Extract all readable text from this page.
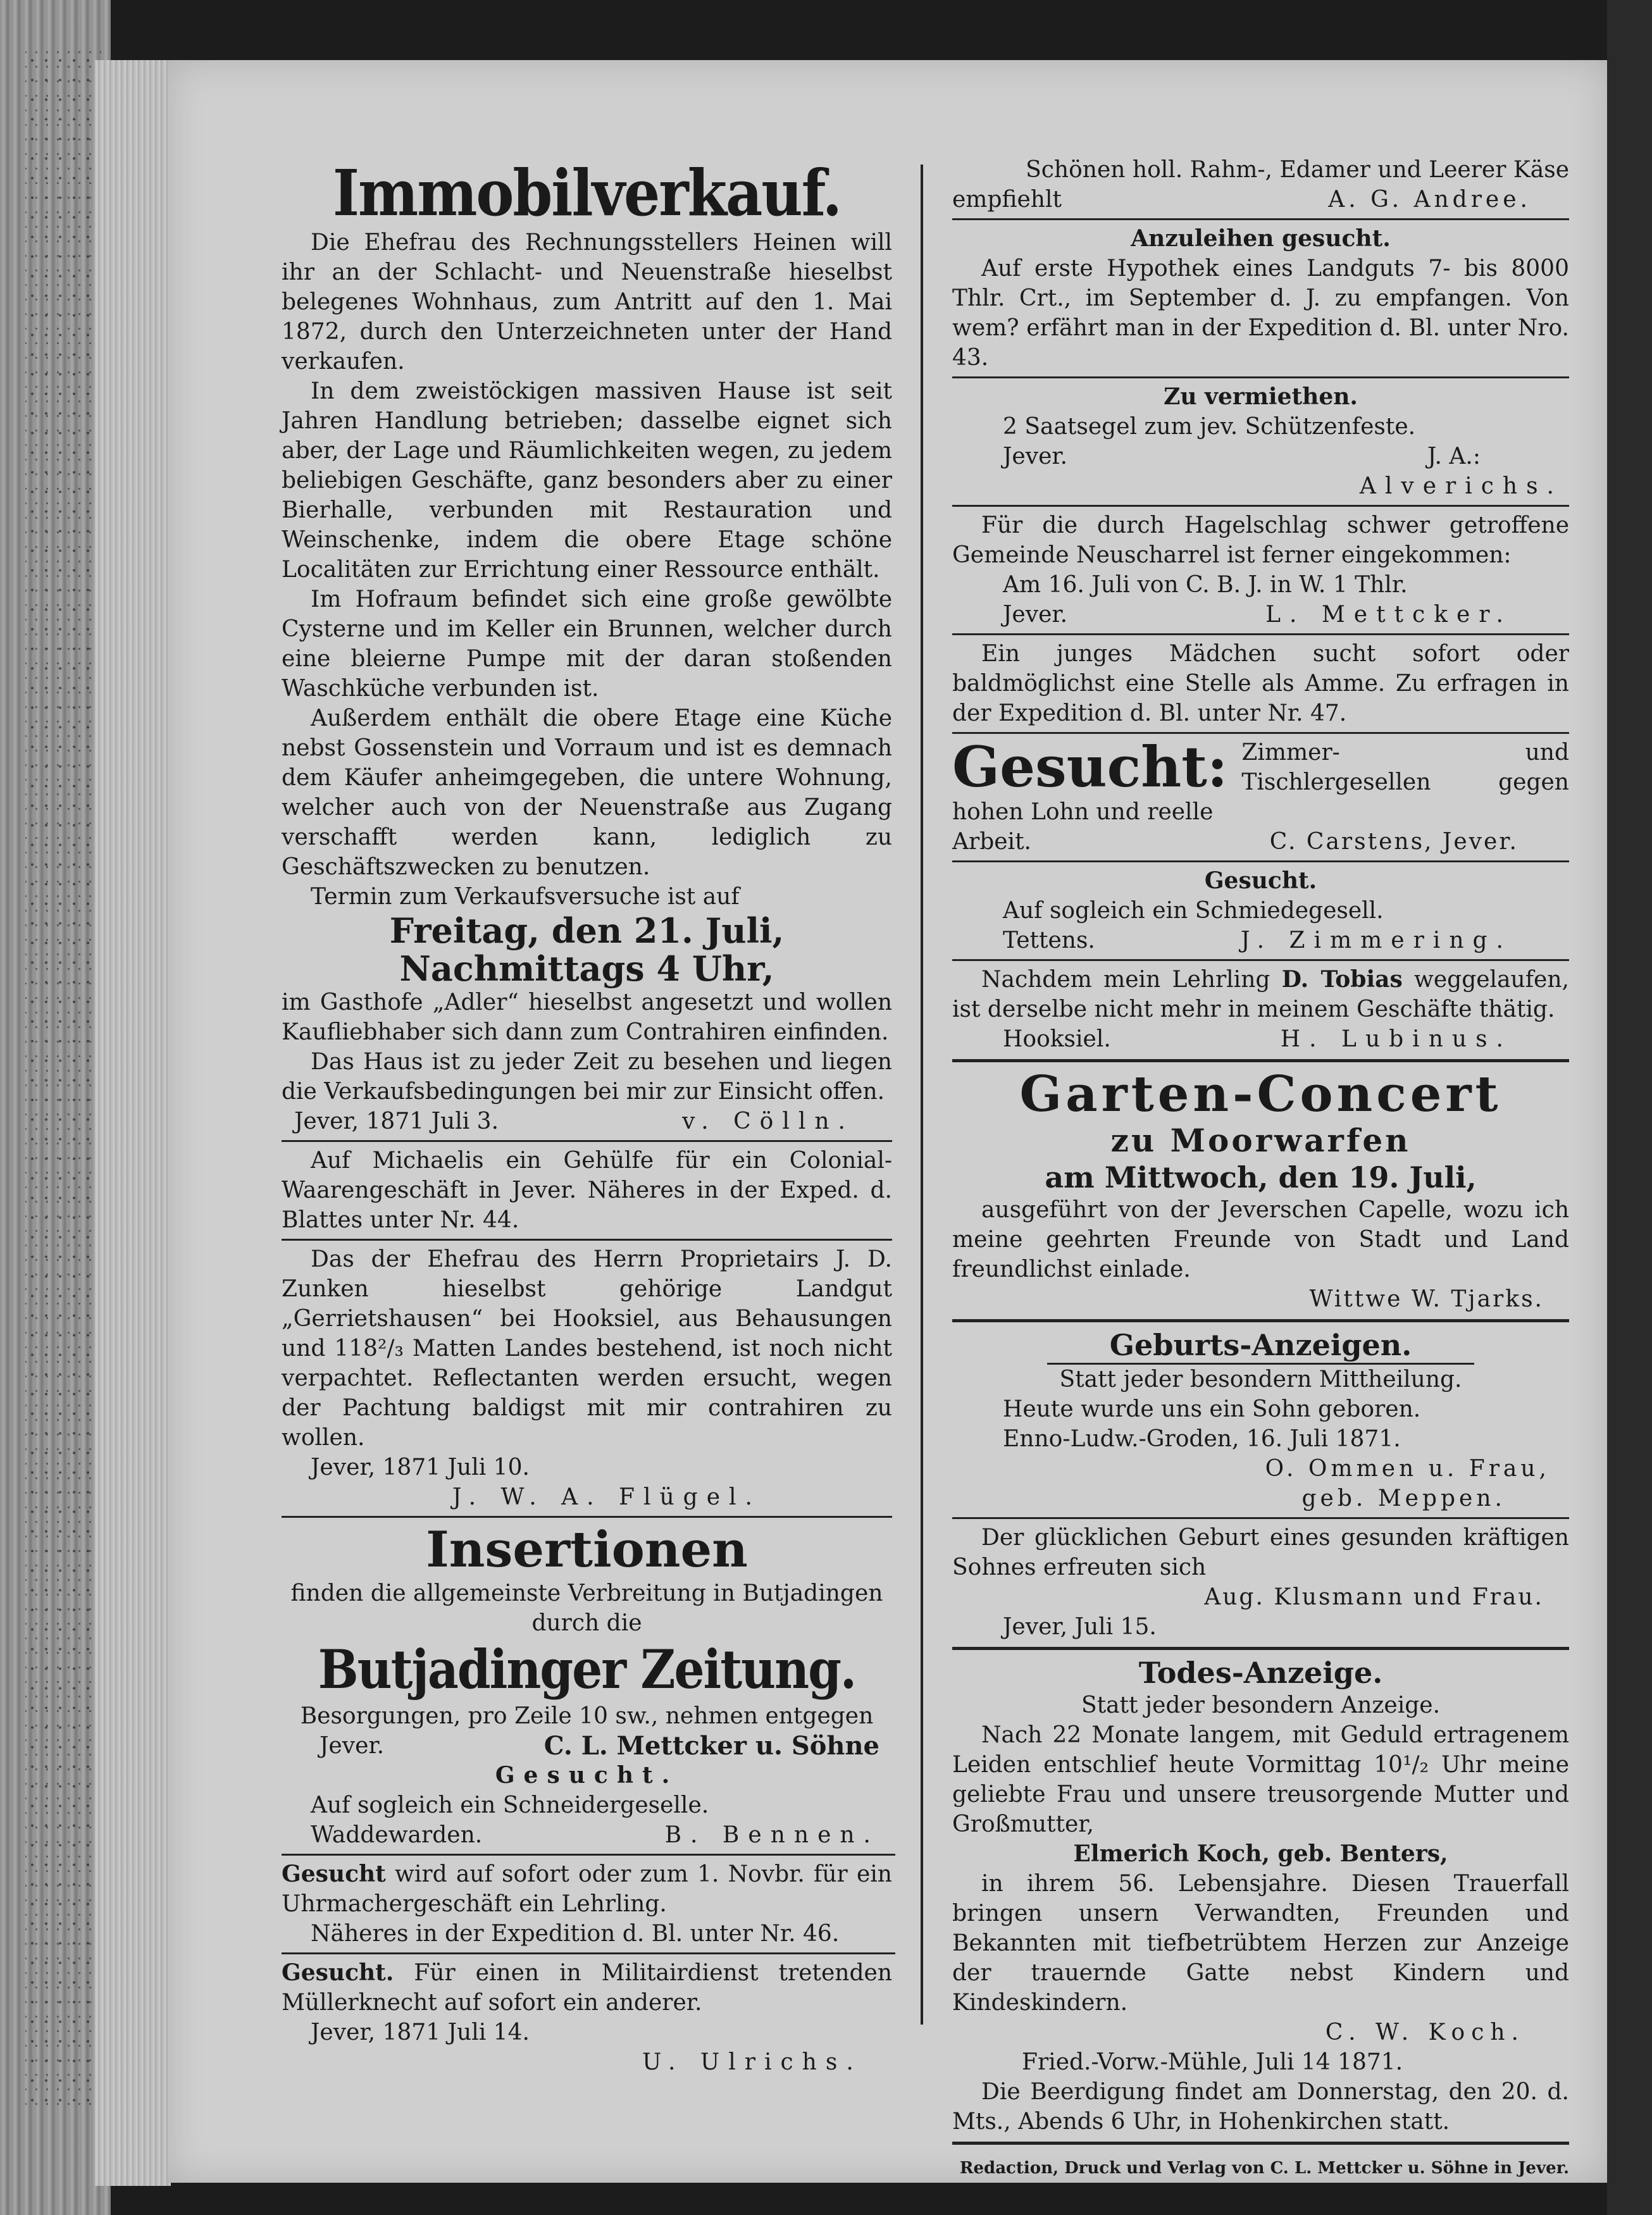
Immobilverkauf.

Die Ehefrau des Rechnungsstellers Heinen will ihr an der Schlacht- und Neuenstraße hieselbst belegenes Wohnhaus, zum Antritt auf den 1. Mai 1872, durch den Unterzeichneten unter der Hand verkaufen.

In dem zweistöckigen massiven Hause ist seit Jahren Handlung betrieben; dasselbe eignet sich aber, der Lage und Räumlichkeiten wegen, zu jedem beliebigen Geschäfte, ganz besonders aber zu einer Bierhalle, verbunden mit Restauration und Weinschenke, indem die obere Etage schöne Localitäten zur Errichtung einer Ressource enthält.

Im Hofraum befindet sich eine große gewölbte Cysterne und im Keller ein Brunnen, welcher durch eine bleierne Pumpe mit der daran stoßenden Waschküche verbunden ist.

Außerdem enthält die obere Etage eine Küche nebst Gossenstein und Vorraum und ist es demnach dem Käufer anheimgegeben, die untere Wohnung, welcher auch von der Neuenstraße aus Zugang verschafft werden kann, lediglich zu Geschäftszwecken zu benutzen.

Termin zum Verkaufsversuche ist auf

Freitag, den 21. Juli,
Nachmittags 4 Uhr,

im Gasthofe „Adler“ hieselbst angesetzt und wollen Kaufliebhaber sich dann zum Contrahiren einfinden.

Das Haus ist zu jeder Zeit zu besehen und liegen die Verkaufsbedingungen bei mir zur Einsicht offen.

Jever, 1871 Juli 3.	v. Cölln.

Auf Michaelis ein Gehülfe für ein Colonial-Waarengeschäft in Jever. Näheres in der Exped. d. Blattes unter Nr. 44.

Das der Ehefrau des Herrn Proprietairs J. D. Zunken hieselbst gehörige Landgut „Gerrietshausen“ bei Hooksiel, aus Behausungen und 118²/₃ Matten Landes bestehend, ist noch nicht verpachtet. Reflectanten werden ersucht, wegen der Pachtung baldigst mit mir contrahiren zu wollen.

Jever, 1871 Juli 10.
J. W. A. Flügel.
Insertionen
finden die allgemeinste Verbreitung in Butjadingen
durch die
Butjadinger Zeitung.
Besorgungen, pro Zeile 10 sw., nehmen entgegen
Jever.	C. L. Mettcker u. Söhne
Gesucht.
Auf sogleich ein Schneidergeselle.
Waddewarden.	B. Bennen.

Gesucht wird auf sofort oder zum 1. Novbr. für ein Uhrmachergeschäft ein Lehrling.

Näheres in der Expedition d. Bl. unter Nr. 46.

Gesucht. Für einen in Militairdienst tretenden Müllerknecht auf sofort ein anderer.

Jever, 1871 Juli 14.
U. Ulrichs.
Schönen holl. Rahm-, Edamer und Leerer Käse
empfiehlt	A. G. Andree.
Anzuleihen gesucht.

Auf erste Hypothek eines Landguts 7- bis 8000 Thlr. Crt., im September d. J. zu empfangen. Von wem? erfährt man in der Expedition d. Bl. unter Nro. 43.

Zu vermiethen.
2 Saatsegel zum jev. Schützenfeste.
Jever.	J. A.:
Alverichs.

Für die durch Hagelschlag schwer getroffene Gemeinde Neuscharrel ist ferner eingekommen:

Am 16. Juli von C. B. J. in W. 1 Thlr.
Jever.	L. Mettcker.

Ein junges Mädchen sucht sofort oder baldmöglichst eine Stelle als Amme. Zu erfragen in der Expedition d. Bl. unter Nr. 47.

Gesucht: Zimmer- und Tischlergesellen gegen hohen Lohn und reelle

Arbeit.	C. Carstens, Jever.
Gesucht.
Auf sogleich ein Schmiedegesell.
Tettens.	J. Zimmering.

Nachdem mein Lehrling D. Tobias weggelaufen, ist derselbe nicht mehr in meinem Geschäfte thätig.

Hooksiel.	H. Lubinus.
Garten-Concert
zu Moorwarfen
am Mittwoch, den 19. Juli,

ausgeführt von der Jeverschen Capelle, wozu ich meine geehrten Freunde von Stadt und Land freundlichst einlade.

Wittwe W. Tjarks.
Geburts-Anzeigen.
Statt jeder besondern Mittheilung.
Heute wurde uns ein Sohn geboren.
Enno-Ludw.-Groden, 16. Juli 1871.
O. Ommen u. Frau,
geb. Meppen.

Der glücklichen Geburt eines gesunden kräftigen Sohnes erfreuten sich

Aug. Klusmann und Frau.
Jever, Juli 15.
Todes-Anzeige.
Statt jeder besondern Anzeige.

Nach 22 Monate langem, mit Geduld ertragenem Leiden entschlief heute Vormittag 10¹/₂ Uhr meine geliebte Frau und unsere treusorgende Mutter und Großmutter,

Elmerich Koch, geb. Benters,

in ihrem 56. Lebensjahre. Diesen Trauerfall bringen unsern Verwandten, Freunden und Bekannten mit tiefbetrübtem Herzen zur Anzeige der trauernde Gatte nebst Kindern und Kindeskindern.

C. W. Koch.
Fried.-Vorw.-Mühle, Juli 14 1871.

Die Beerdigung findet am Donnerstag, den 20. d. Mts., Abends 6 Uhr, in Hohenkirchen statt.

Redaction, Druck und Verlag von C. L. Mettcker u. Söhne in Jever.
